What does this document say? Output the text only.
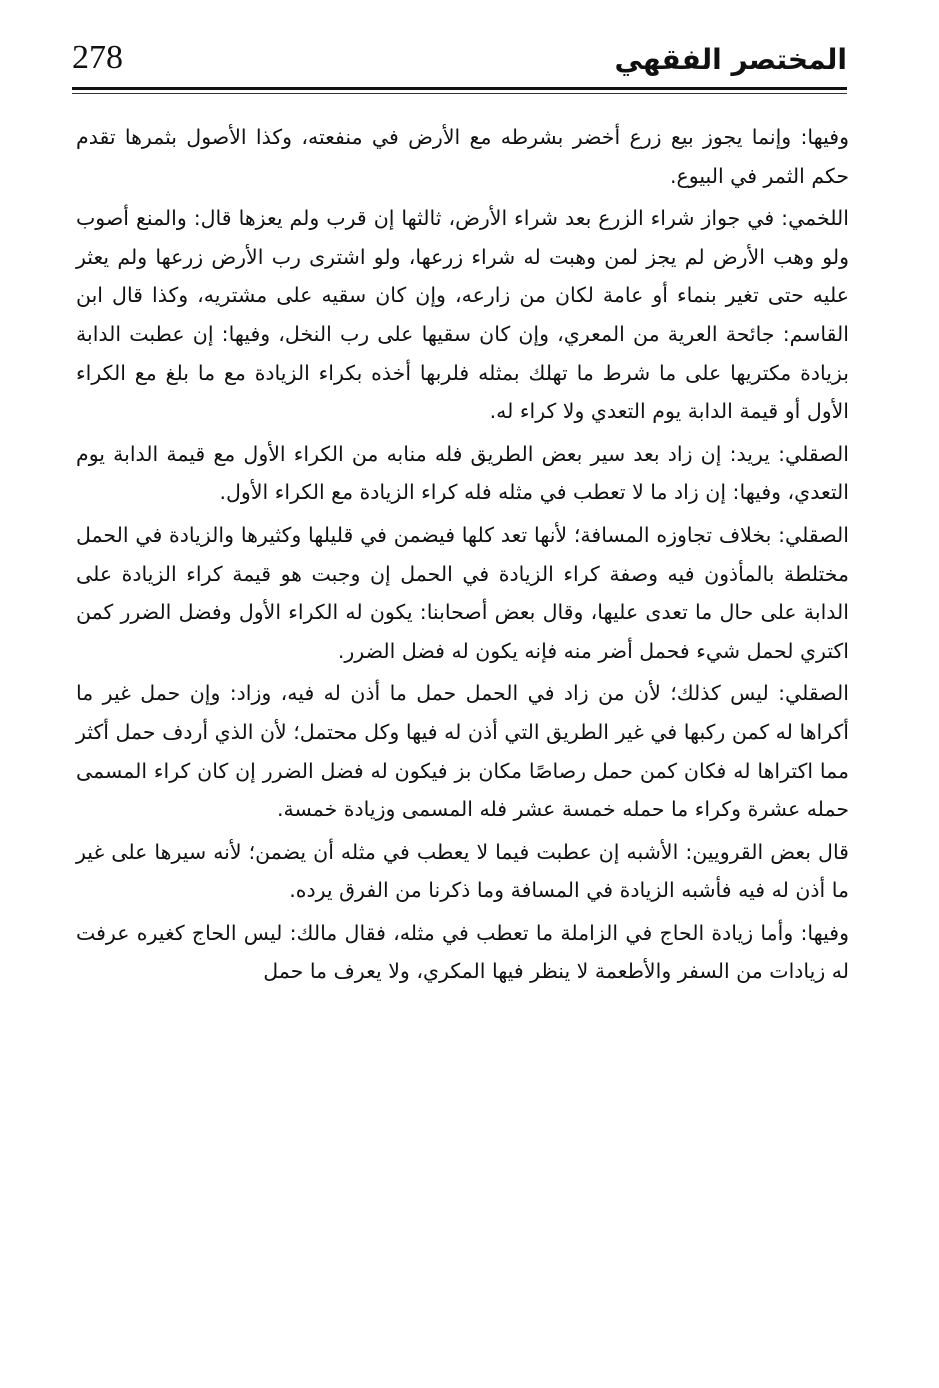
278	المختصر الفقهي

وفيها: وإنما يجوز بيع زرع أخضر بشرطه مع الأرض في منفعته، وكذا الأصول بثمرها تقدم حكم الثمر في البيوع.

اللخمي: في جواز شراء الزرع بعد شراء الأرض، ثالثها إن قرب ولم يعزها قال: والمنع أصوب ولو وهب الأرض لم يجز لمن وهبت له شراء زرعها، ولو اشترى رب الأرض زرعها ولم يعثر عليه حتى تغير بنماء أو عامة لكان من زارعه، وإن كان سقيه على مشتريه، وكذا قال ابن القاسم: جائحة العرية من المعري، وإن كان سقيها على رب النخل، وفيها: إن عطبت الدابة بزيادة مكتريها على ما شرط ما تهلك بمثله فلربها أخذه بكراء الزيادة مع ما بلغ مع الكراء الأول أو قيمة الدابة يوم التعدي ولا كراء له.

الصقلي: يريد: إن زاد بعد سير بعض الطريق فله منابه من الكراء الأول مع قيمة الدابة يوم التعدي، وفيها: إن زاد ما لا تعطب في مثله فله كراء الزيادة مع الكراء الأول.

الصقلي: بخلاف تجاوزه المسافة؛ لأنها تعد كلها فيضمن في قليلها وكثيرها والزيادة في الحمل مختلطة بالمأذون فيه وصفة كراء الزيادة في الحمل إن وجبت هو قيمة كراء الزيادة على الدابة على حال ما تعدى عليها، وقال بعض أصحابنا: يكون له الكراء الأول وفضل الضرر كمن اكتري لحمل شيء فحمل أضر منه فإنه يكون له فضل الضرر.

الصقلي: ليس كذلك؛ لأن من زاد في الحمل حمل ما أذن له فيه، وزاد: وإن حمل غير ما أكراها له كمن ركبها في غير الطريق التي أذن له فيها وكل محتمل؛ لأن الذي أردف حمل أكثر مما اكتراها له فكان كمن حمل رصاصًا مكان بز فيكون له فضل الضرر إن كان كراء المسمى حمله عشرة وكراء ما حمله خمسة عشر فله المسمى وزيادة خمسة.

قال بعض القرويين: الأشبه إن عطبت فيما لا يعطب في مثله أن يضمن؛ لأنه سيرها على غير ما أذن له فيه فأشبه الزيادة في المسافة وما ذكرنا من الفرق يرده.

وفيها: وأما زيادة الحاج في الزاملة ما تعطب في مثله، فقال مالك: ليس الحاج كغيره عرفت له زيادات من السفر والأطعمة لا ينظر فيها المكري، ولا يعرف ما حمل
